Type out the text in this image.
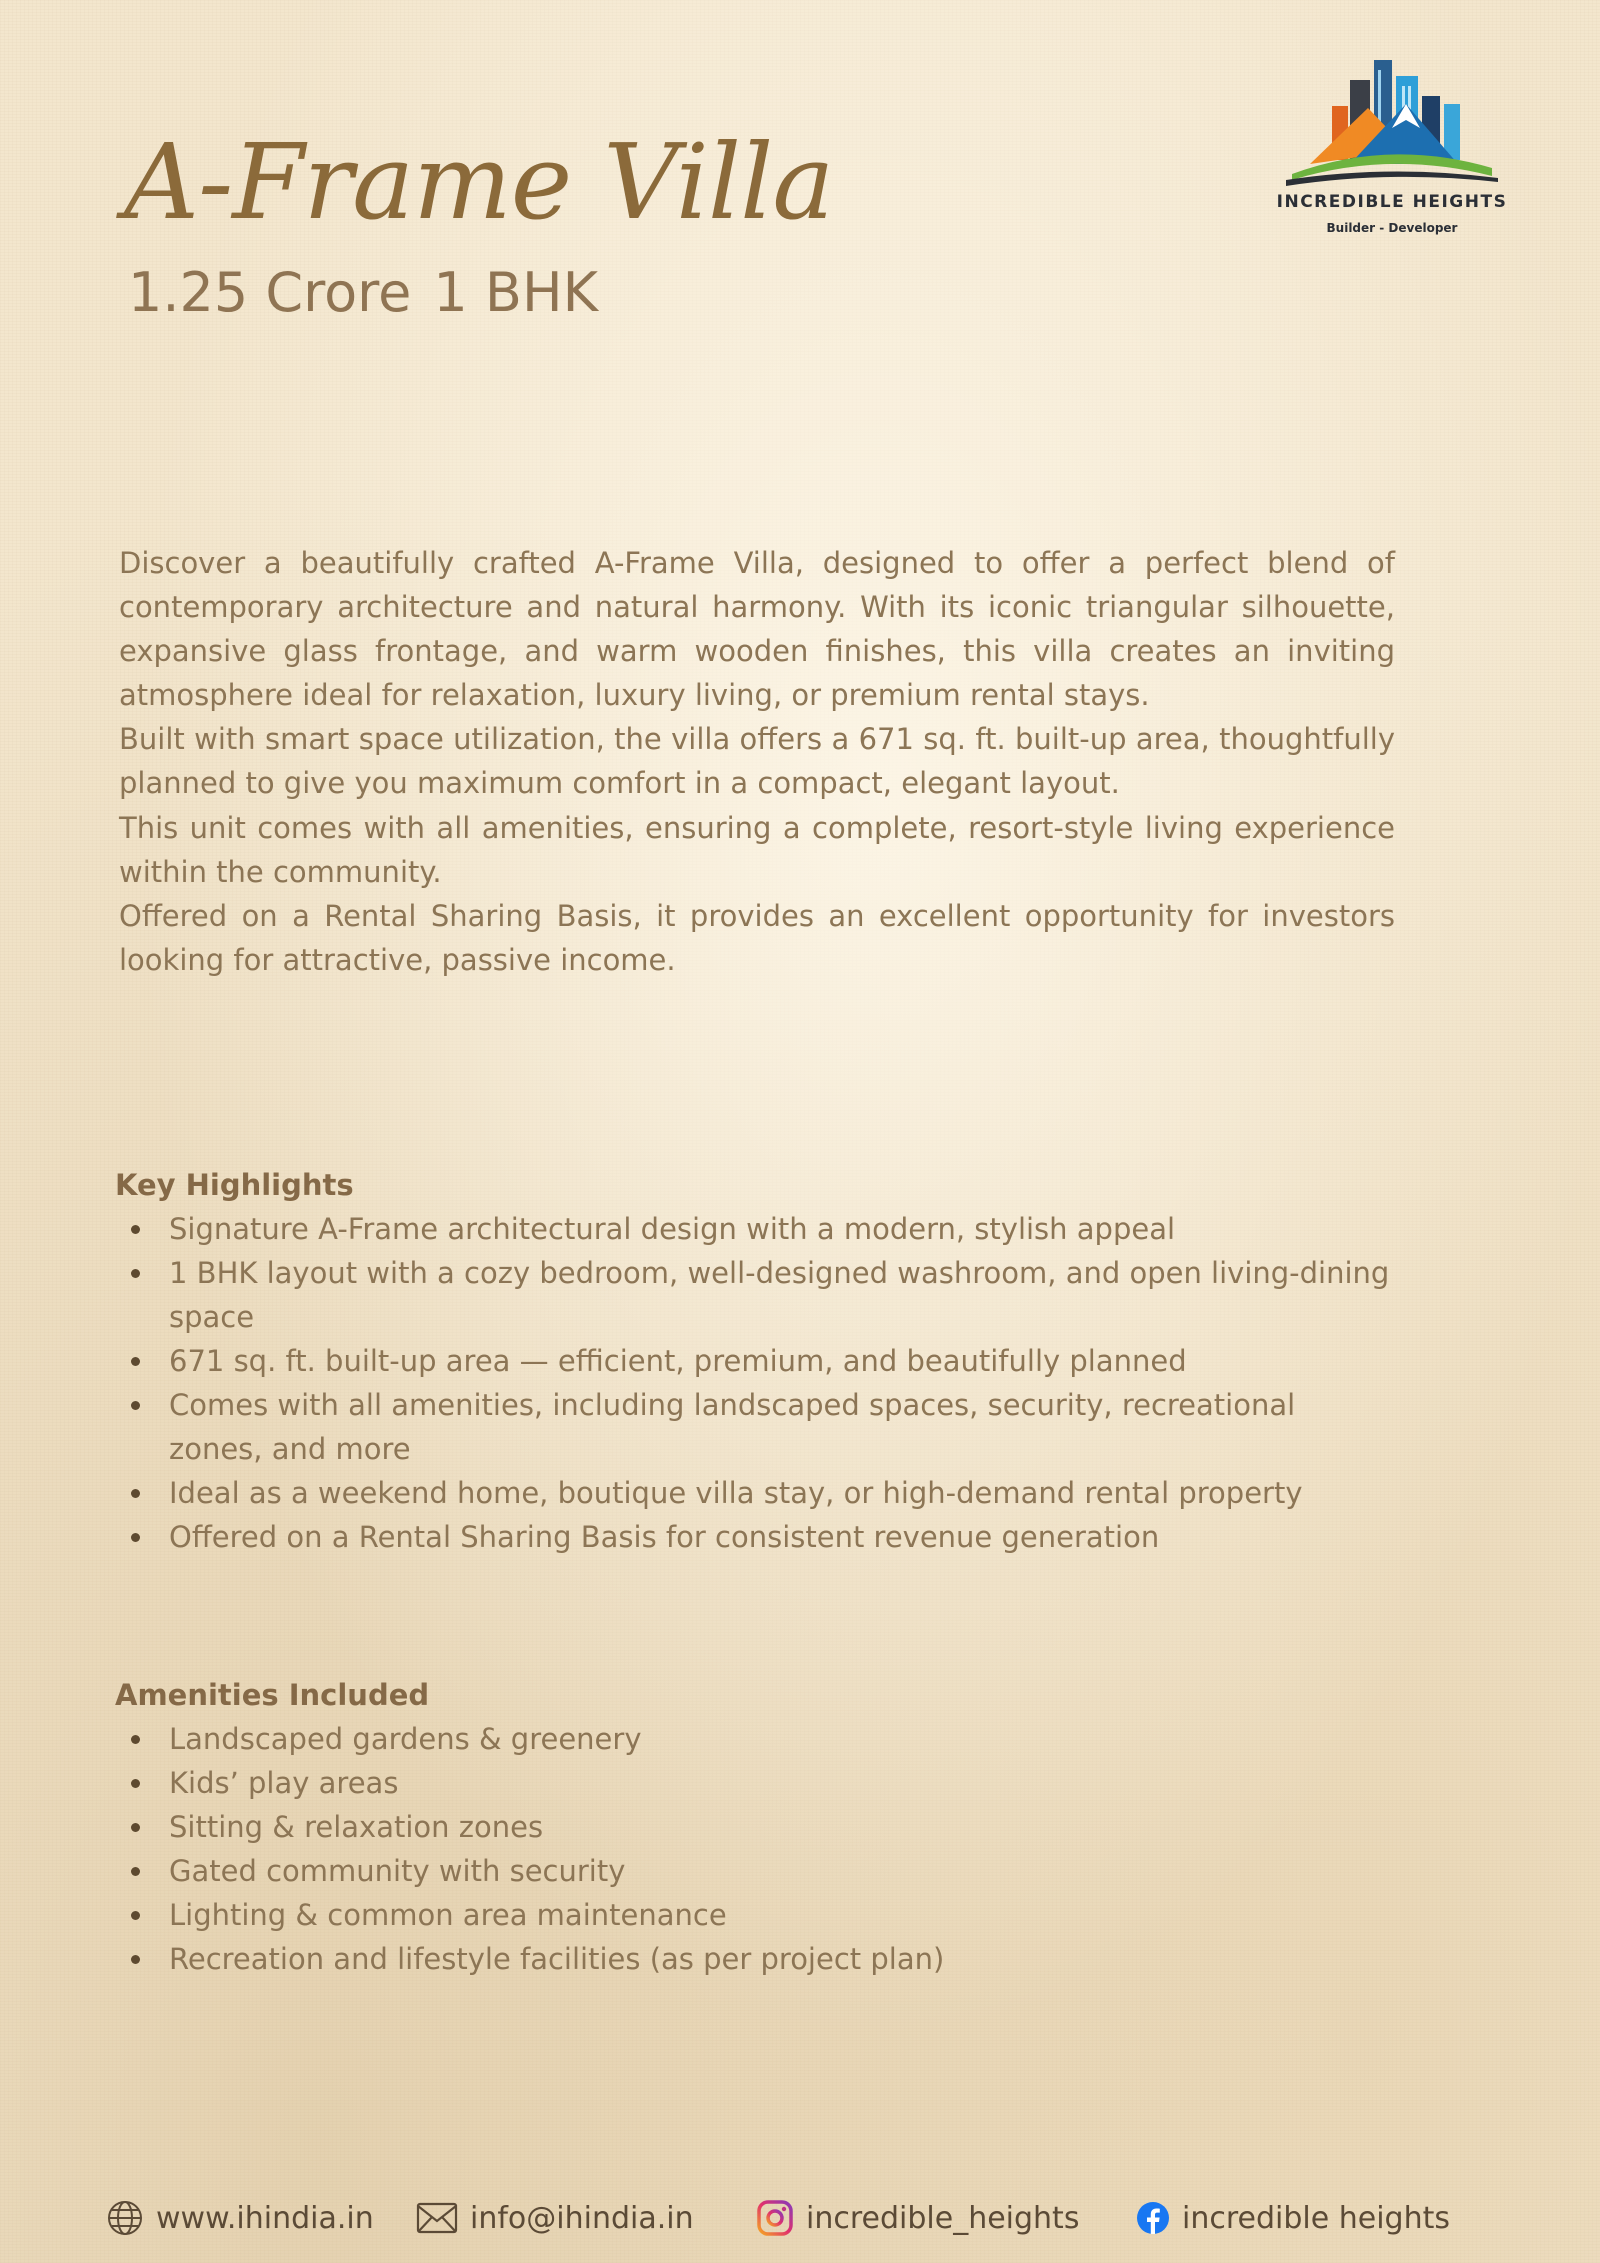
A-Frame Villa
1.25 Crore 1 BHK
INCREDIBLE HEIGHTS
Builder - Developer

Discover a beautifully crafted A-Frame Villa, designed to offer a perfect blend of contemporary architecture and natural harmony. With its iconic triangular silhouette, expansive glass frontage, and warm wooden finishes, this villa creates an inviting atmosphere ideal for relaxation, luxury living, or premium rental stays.

Built with smart space utilization, the villa offers a 671 sq. ft. built-up area, thoughtfully planned to give you maximum comfort in a compact, elegant layout.

This unit comes with all amenities, ensuring a complete, resort-style living experience within the community.

Offered on a Rental Sharing Basis, it provides an excellent opportunity for investors looking for attractive, passive income.

Key Highlights
Signature A-Frame architectural design with a modern, stylish appeal
1 BHK layout with a cozy bedroom, well-designed washroom, and open living-dining space
671 sq. ft. built-up area — efficient, premium, and beautifully planned
Comes with all amenities, including landscaped spaces, security, recreational zones, and more
Ideal as a weekend home, boutique villa stay, or high-demand rental property
Offered on a Rental Sharing Basis for consistent revenue generation
Amenities Included
Landscaped gardens & greenery
Kids’ play areas
Sitting & relaxation zones
Gated community with security
Lighting & common area maintenance
Recreation and lifestyle facilities (as per project plan)
www.ihindia.in	info@ihindia.in	incredible_heights	incredible heights
